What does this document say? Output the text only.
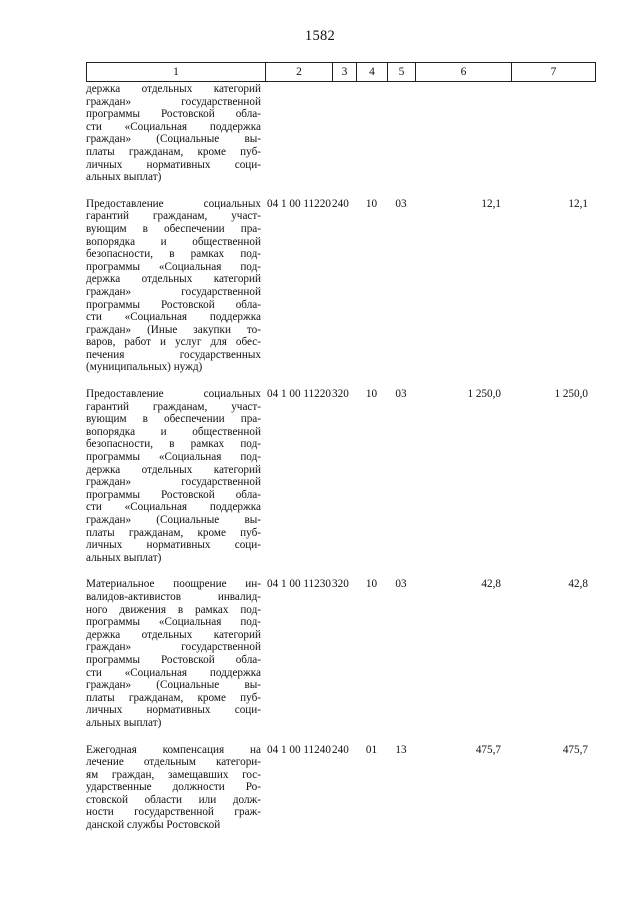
1582
1	2	3	4	5	6	7
держка отдельных категорий
граждан» государственной
программы Ростовской обла-
сти «Социальная поддержка
граждан» (Социальные вы-
платы гражданам, кроме пуб-
личных нормативных соци-
альных выплат)
Предоставление социальных
гарантий гражданам, участ-
вующим в обеспечении пра-
вопорядка и общественной
безопасности, в рамках под-
программы «Социальная под-
держка отдельных категорий
граждан» государственной
программы Ростовской обла-
сти «Социальная поддержка
граждан» (Иные закупки то-
варов, работ и услуг для обес-
печения государственных
(муниципальных) нужд)
04 1 00 11220 240	10	03	12,1	12,1
Предоставление социальных
гарантий гражданам, участ-
вующим в обеспечении пра-
вопорядка и общественной
безопасности, в рамках под-
программы «Социальная под-
держка отдельных категорий
граждан» государственной
программы Ростовской обла-
сти «Социальная поддержка
граждан» (Социальные вы-
платы гражданам, кроме пуб-
личных нормативных соци-
альных выплат)
04 1 00 11220 320	10	03	1 250,0	1 250,0
Материальное поощрение ин-
валидов-активистов инвалид-
ного движения в рамках под-
программы «Социальная под-
держка отдельных категорий
граждан» государственной
программы Ростовской обла-
сти «Социальная поддержка
граждан» (Социальные вы-
платы гражданам, кроме пуб-
личных нормативных соци-
альных выплат)
04 1 00 11230 320	10	03	42,8	42,8
Ежегодная компенсация на
лечение отдельным категори-
ям граждан, замещавших гос-
ударственные должности Ро-
стовской области или долж-
ности государственной граж-
данской службы Ростовской
04 1 00 11240 240	01	13	475,7	475,7
